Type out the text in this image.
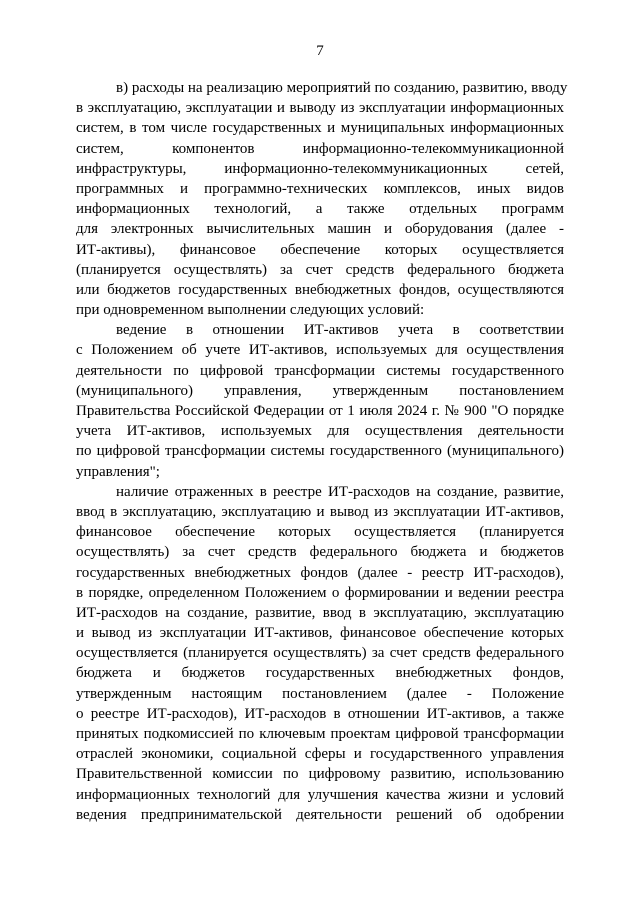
7
в) расходы на реализацию мероприятий по созданию, развитию, вводу
в эксплуатацию, эксплуатации и выводу из эксплуатации информационных
систем, в том числе государственных и муниципальных информационных
систем, компонентов информационно-телекоммуникационной
инфраструктуры, информационно-телекоммуникационных сетей,
программных и программно-технических комплексов, иных видов
информационных технологий, а также отдельных программ
для электронных вычислительных машин и оборудования (далее -
ИТ-активы), финансовое обеспечение которых осуществляется
(планируется осуществлять) за счет средств федерального бюджета
или бюджетов государственных внебюджетных фондов, осуществляются
при одновременном выполнении следующих условий:
ведение в отношении ИТ-активов учета в соответствии
с Положением об учете ИТ-активов, используемых для осуществления
деятельности по цифровой трансформации системы государственного
(муниципального) управления, утвержденным постановлением
Правительства Российской Федерации от 1 июля 2024 г. № 900 "О порядке
учета ИТ-активов, используемых для осуществления деятельности
по цифровой трансформации системы государственного (муниципального)
управления";
наличие отраженных в реестре ИТ-расходов на создание, развитие,
ввод в эксплуатацию, эксплуатацию и вывод из эксплуатации ИТ-активов,
финансовое обеспечение которых осуществляется (планируется
осуществлять) за счет средств федерального бюджета и бюджетов
государственных внебюджетных фондов (далее - реестр ИТ-расходов),
в порядке, определенном Положением о формировании и ведении реестра
ИТ-расходов на создание, развитие, ввод в эксплуатацию, эксплуатацию
и вывод из эксплуатации ИТ-активов, финансовое обеспечение которых
осуществляется (планируется осуществлять) за счет средств федерального
бюджета и бюджетов государственных внебюджетных фондов,
утвержденным настоящим постановлением (далее - Положение
о реестре ИТ-расходов), ИТ-расходов в отношении ИТ-активов, а также
принятых подкомиссией по ключевым проектам цифровой трансформации
отраслей экономики, социальной сферы и государственного управления
Правительственной комиссии по цифровому развитию, использованию
информационных технологий для улучшения качества жизни и условий
ведения предпринимательской деятельности решений об одобрении
